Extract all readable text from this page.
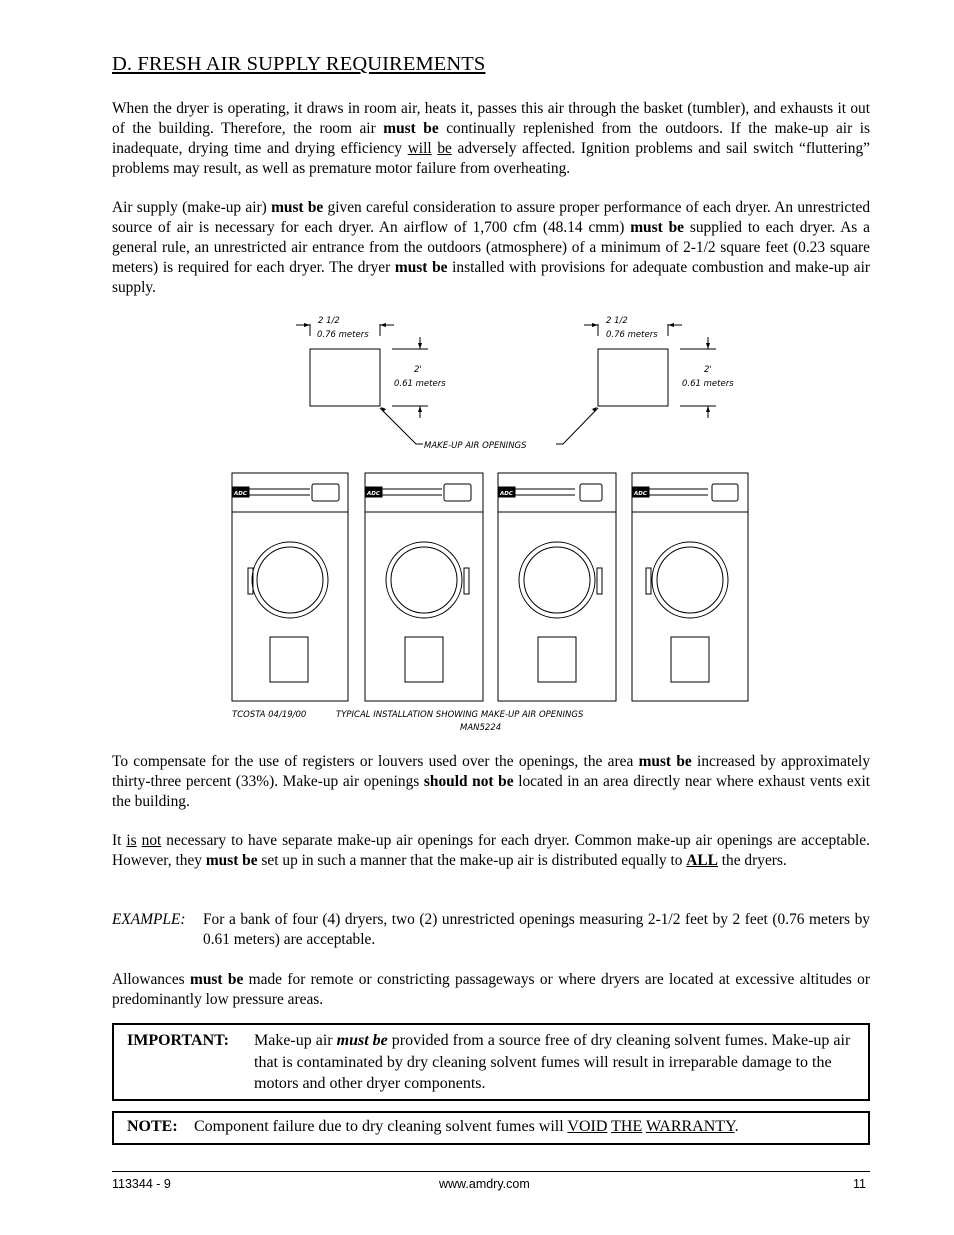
D. FRESH AIR SUPPLY REQUIREMENTS
When the dryer is operating, it draws in room air, heats it, passes this air through the basket (tumbler), and exhausts it out of the building. Therefore, the room air must be continually replenished from the outdoors. If the make-up air is inadequate, drying time and drying efficiency will be adversely affected. Ignition problems and sail switch “fluttering” problems may result, as well as premature motor failure from overheating.
Air supply (make-up air) must be given careful consideration to assure proper performance of each dryer. An unrestricted source of air is necessary for each dryer. An airflow of 1,700 cfm (48.14 cmm) must be supplied to each dryer. As a general rule, an unrestricted air entrance from the outdoors (atmosphere) of a minimum of 2-1/2 square feet (0.23 square meters) is required for each dryer. The dryer must be installed with provisions for adequate combustion and make-up air supply.
2 1/2
0.76 meters
2'
0.61 meters
2 1/2
0.76 meters
2'
0.61 meters
MAKE-UP AIR OPENINGS
ADC	ADC	ADC	ADC
TCOSTA 04/19/00	TYPICAL INSTALLATION SHOWING MAKE-UP AIR OPENINGS
MAN5224
To compensate for the use of registers or louvers used over the openings, the area must be increased by approximately thirty-three percent (33%). Make-up air openings should not be located in an area directly near where exhaust vents exit the building.
It is not necessary to have separate make-up air openings for each dryer. Common make-up air openings are acceptable. However, they must be set up in such a manner that the make-up air is distributed equally to ALL the dryers.
EXAMPLE: For a bank of four (4) dryers, two (2) unrestricted openings measuring 2-1/2 feet by 2 feet (0.76 meters by 0.61 meters) are acceptable.
Allowances must be made for remote or constricting passageways or where dryers are located at excessive altitudes or predominantly low pressure areas.
IMPORTANT: Make-up air must be provided from a source free of dry cleaning solvent fumes. Make-up air that is contaminated by dry cleaning solvent fumes will result in irreparable damage to the motors and other dryer components.
NOTE: Component failure due to dry cleaning solvent fumes will VOID THE WARRANTY.
113344 - 9	www.amdry.com	11
